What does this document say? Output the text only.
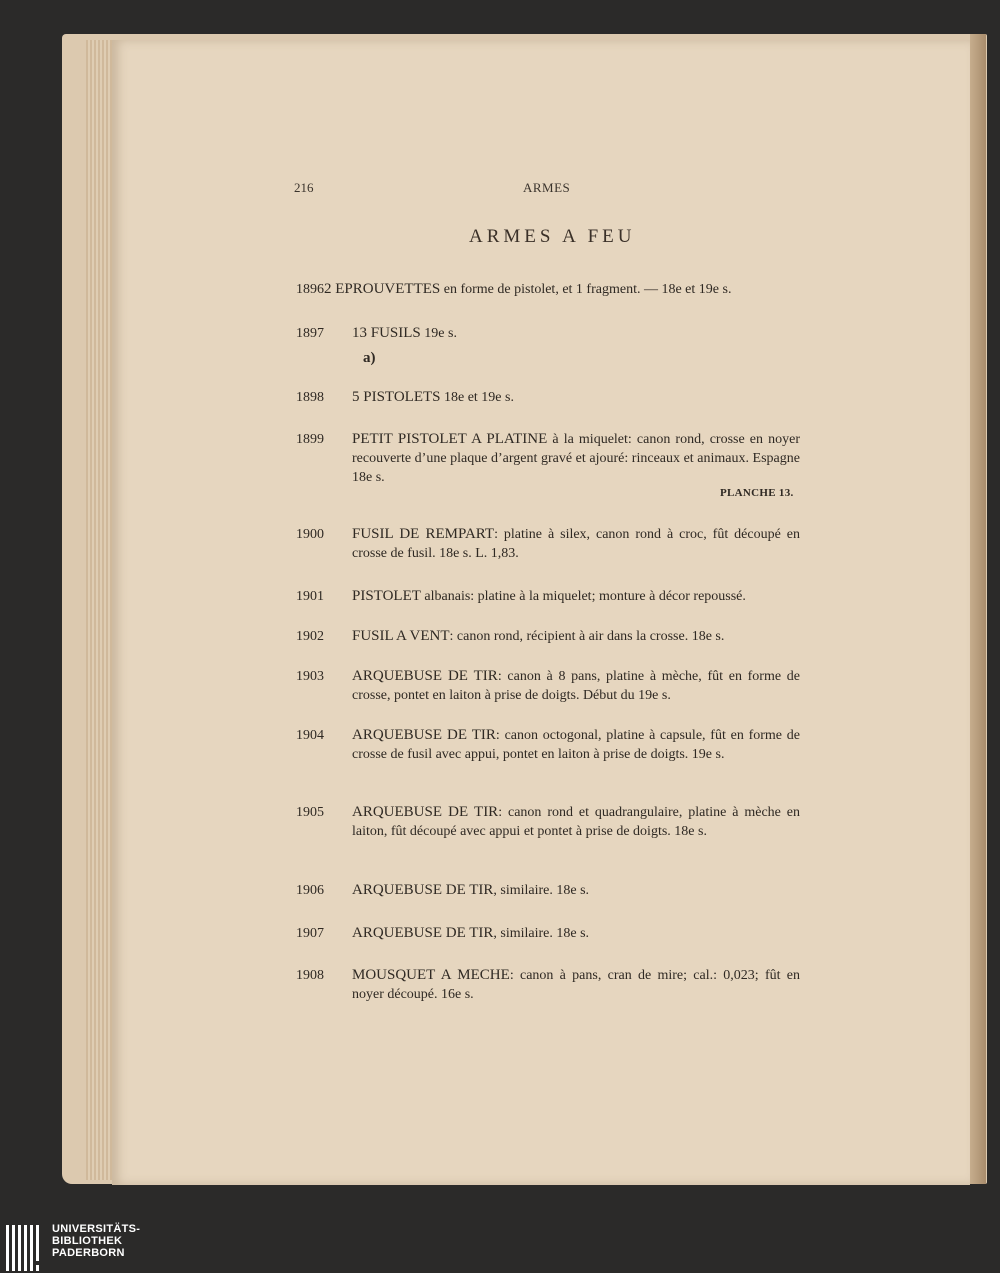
216	ARMES
ARMES A FEU
1896 2 EPROUVETTES en forme de pistolet, et 1 fragment. — 18e et 19e s.
1897	13 FUSILS 19e s.
a)
1898	5 PISTOLETS 18e et 19e s.
1899	PETIT PISTOLET A PLATINE à la miquelet: canon rond, crosse en noyer recouverte d’une plaque d’argent gravé et ajouré: rinceaux et animaux. Espagne 18e s.
PLANCHE 13.
1900	FUSIL DE REMPART: platine à silex, canon rond à croc, fût découpé en crosse de fusil. 18e s. L. 1,83.
1901	PISTOLET albanais: platine à la miquelet; monture à décor repoussé.
1902	FUSIL A VENT: canon rond, récipient à air dans la crosse. 18e s.
1903	ARQUEBUSE DE TIR: canon à 8 pans, platine à mèche, fût en forme de crosse, pontet en laiton à prise de doigts. Début du 19e s.
1904	ARQUEBUSE DE TIR: canon octogonal, platine à capsule, fût en forme de crosse de fusil avec appui, pontet en laiton à prise de doigts. 19e s.
1905	ARQUEBUSE DE TIR: canon rond et quadrangulaire, platine à mèche en laiton, fût découpé avec appui et pontet à prise de doigts. 18e s.
1906	ARQUEBUSE DE TIR, similaire. 18e s.
1907	ARQUEBUSE DE TIR, similaire. 18e s.
1908	MOUSQUET A MECHE: canon à pans, cran de mire; cal.: 0,023; fût en noyer découpé. 16e s.
UNIVERSITÄTS-
BIBLIOTHEK
PADERBORN
